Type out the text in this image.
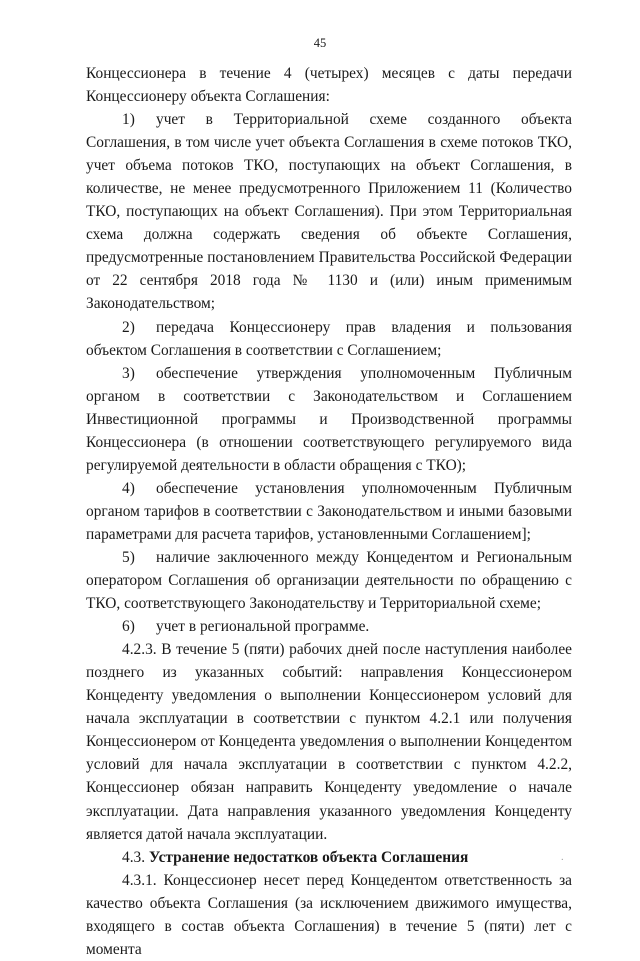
45

Концессионера в течение 4 (четырех) месяцев с даты передачи Концессионеру объекта Соглашения:

1) учет в Территориальной схеме созданного объекта Соглашения, в том числе учет объекта Соглашения в схеме потоков ТКО, учет объема потоков ТКО, поступающих на объект Соглашения, в количестве, не менее предусмотренного Приложением 11 (Количество ТКО, поступающих на объект Соглашения). При этом Территориальная схема должна содержать сведения об объекте Соглашения, предусмотренные постановлением Правительства Российской Федерации от 22 сентября 2018 года № 1130 и (или) иным применимым Законодательством;

2) передача Концессионеру прав владения и пользования объектом Соглашения в соответствии с Соглашением;

3) обеспечение утверждения уполномоченным Публичным органом в соответствии с Законодательством и Соглашением Инвестиционной программы и Производственной программы Концессионера (в отношении соответствующего регулируемого вида регулируемой деятельности в области обращения с ТКО);

4) обеспечение установления уполномоченным Публичным органом тарифов в соответствии с Законодательством и иными базовыми параметрами для расчета тарифов, установленными Соглашением];

5) наличие заключенного между Концедентом и Региональным оператором Соглашения об организации деятельности по обращению с ТКО, соответствующего Законодательству и Территориальной схеме;

6) учет в региональной программе.

4.2.3. В течение 5 (пяти) рабочих дней после наступления наиболее позднего из указанных событий: направления Концессионером Концеденту уведомления о выполнении Концессионером условий для начала эксплуатации в соответствии с пунктом 4.2.1 или получения Концессионером от Концедента уведомления о выполнении Концедентом условий для начала эксплуатации в соответствии с пунктом 4.2.2, Концессионер обязан направить Концеденту уведомление о начале эксплуатации. Дата направления указанного уведомления Концеденту является датой начала эксплуатации.

4.3. Устранение недостатков объекта Соглашения

4.3.1. Концессионер несет перед Концедентом ответственность за качество объекта Соглашения (за исключением движимого имущества, входящего в состав объекта Соглашения) в течение 5 (пяти) лет с момента

·
